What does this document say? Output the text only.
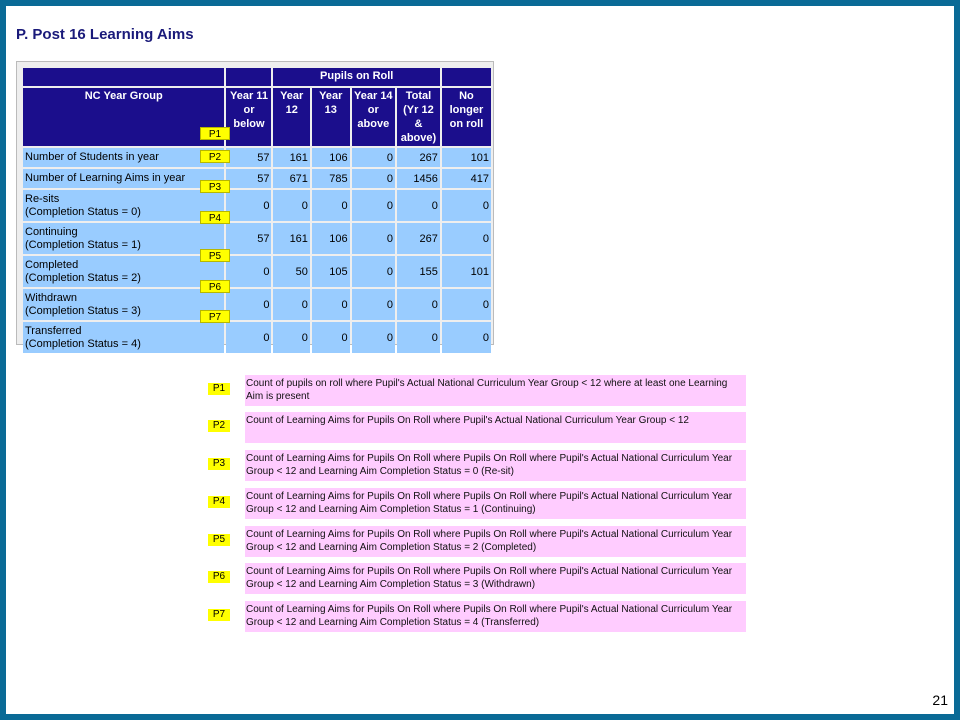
P. Post 16 Learning Aims
		Pupils on Roll				
NC Year Group	Year 11 or below	Year 12	Year 13	Year 14 or above	Total (Yr 12 & above)	No longer on roll

Number of Students in year	57	161	106	0	267	101

Number of Learning Aims in year	57	671	785	0	1456	417

Re-sits
(Completion Status = 0)	0	0	0	0	0	0

Continuing
(Completion Status = 1)	57	161	106	0	267	0

Completed
(Completion Status = 2)	0	50	105	0	155	101

Withdrawn
(Completion Status = 3)	0	0	0	0	0	0

Transferred
(Completion Status = 4)	0	0	0	0	0	0
P1
P2
P3
P4
P5
P6
P7
P1	Count of pupils on roll where Pupil's Actual National Curriculum Year Group < 12 where at least one Learning Aim is present
P2	Count of Learning Aims for Pupils On Roll where Pupil's Actual National Curriculum Year Group < 12
P3	Count of Learning Aims for Pupils On Roll where Pupils On Roll where Pupil's Actual National Curriculum Year Group < 12 and Learning Aim Completion Status = 0 (Re-sit)
P4	Count of Learning Aims for Pupils On Roll where Pupils On Roll where Pupil's Actual National Curriculum Year Group < 12 and Learning Aim Completion Status = 1 (Continuing)
P5	Count of Learning Aims for Pupils On Roll where Pupils On Roll where Pupil's Actual National Curriculum Year Group < 12 and Learning Aim Completion Status = 2 (Completed)
P6	Count of Learning Aims for Pupils On Roll where Pupils On Roll where Pupil's Actual National Curriculum Year Group < 12 and Learning Aim Completion Status = 3 (Withdrawn)
P7	Count of Learning Aims for Pupils On Roll where Pupils On Roll where Pupil's Actual National Curriculum Year Group < 12 and Learning Aim Completion Status = 4 (Transferred)
21
